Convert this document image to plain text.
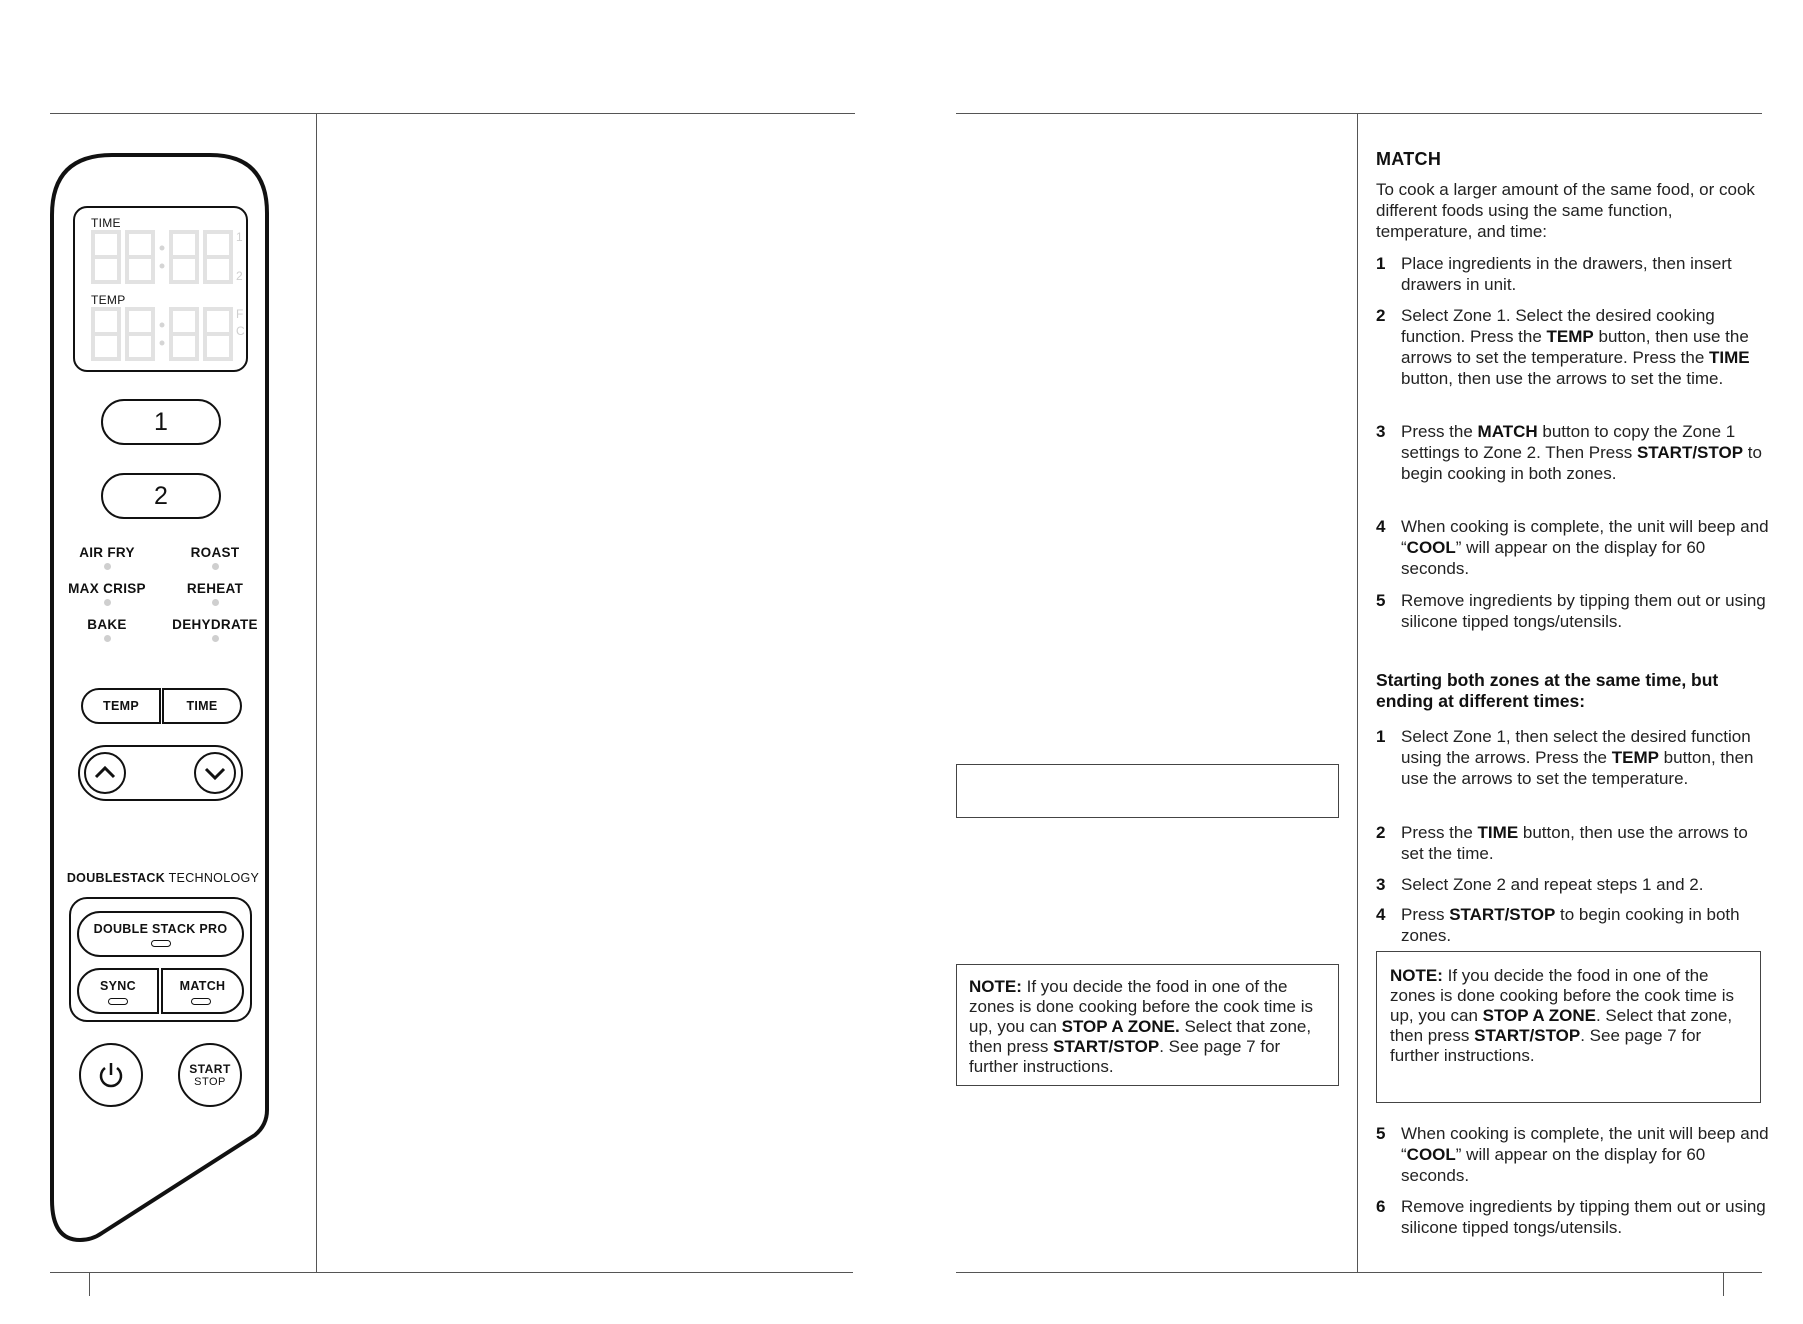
TIME
TEMP
1
2
F
C
1
2
AIR FRY	ROAST
MAX CRISP	REHEAT
BAKE	DEHYDRATE
TEMP	TIME
DOUBLESTACK TECHNOLOGY
DOUBLE STACK PRO
SYNC	MATCH
START
STOP
NOTE: If you decide the food in one of the zones is done cooking before the cook time is up, you can STOP A ZONE. Select that zone, then press START/STOP. See page 7 for further instructions.
MATCH
To cook a larger amount of the same food, or cook different foods using the same function, temperature, and time:
1 Place ingredients in the drawers, then insert drawers in unit.
2 Select Zone 1. Select the desired cooking function. Press the TEMP button, then use the arrows to set the temperature. Press the TIME button, then use the arrows to set the time.
3 Press the MATCH button to copy the Zone 1 settings to Zone 2. Then Press START/STOP to begin cooking in both zones.
4 When cooking is complete, the unit will beep and “COOL” will appear on the display for 60 seconds.
5 Remove ingredients by tipping them out or using silicone tipped tongs/utensils.
Starting both zones at the same time, but ending at different times:
1 Select Zone 1, then select the desired function using the arrows. Press the TEMP button, then use the arrows to set the temperature.
2 Press the TIME button, then use the arrows to set the time.
3 Select Zone 2 and repeat steps 1 and 2.
4 Press START/STOP to begin cooking in both zones.
NOTE: If you decide the food in one of the zones is done cooking before the cook time is up, you can STOP A ZONE. Select that zone, then press START/STOP. See page 7 for further instructions.
5 When cooking is complete, the unit will beep and “COOL” will appear on the display for 60 seconds.
6 Remove ingredients by tipping them out or using silicone tipped tongs/utensils.
